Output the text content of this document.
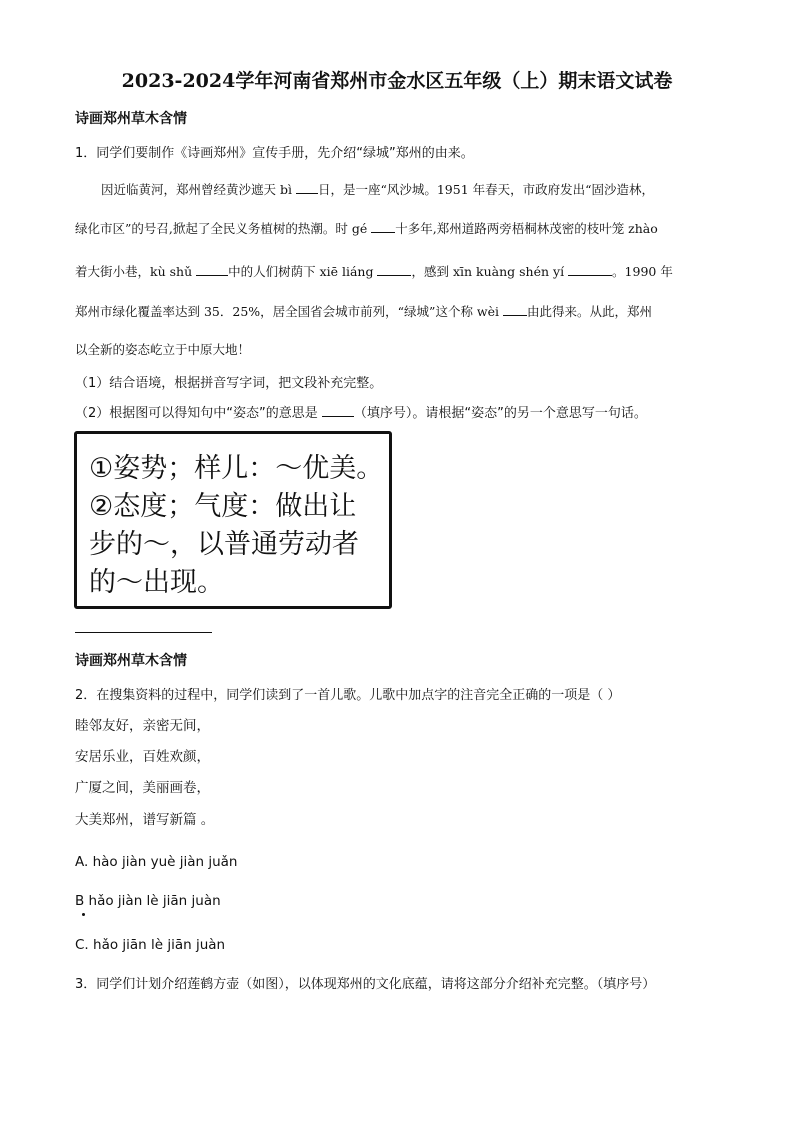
2023-2024学年河南省郑州市金水区五年级（上）期末语文试卷
诗画郑州草木含情
1．同学们要制作《诗画郑州》宣传手册，先介绍“绿城”郑州的由来。
因近临黄河，郑州曾经黄沙遮天 bì 日，是一座“风沙城。1951 年春天，市政府发出“固沙造林，
绿化市区”的号召,掀起了全民义务植树的热潮。时 gé 十多年,郑州道路两旁梧桐林茂密的枝叶笼 zhào
着大街小巷，kù shǔ	中的人们树荫下 xiē liáng	，感到 xīn kuàng shén yí	。1990 年
郑州市绿化覆盖率达到 35．25%，居全国省会城市前列，“绿城”这个称 wèi 由此得来。从此，郑州
以全新的姿态屹立于中原大地！
（1）结合语境，根据拼音写字词，把文段补充完整。
（2）根据图可以得知句中“姿态”的意思是 （填序号）。请根据“姿态”的另一个意思写一句话。
①姿势；样儿：～优美。
②态度；气度：做出让
步的～，以普通劳动者
的～出现。
诗画郑州草木含情
2．在搜集资料的过程中，同学们读到了一首儿歌。儿歌中加点字的注音完全正确的一项是（ ）
睦邻友好，亲密无间，
安居乐业，百姓欢颜，
广厦之间，美丽画卷，
大美郑州，谱写新篇 。
A. hào jiàn yuè jiàn juǎn
B hǎo jiàn lè jiān juàn
C. hǎo jiān lè jiān juàn
3．同学们计划介绍莲鹤方壶（如图），以体现郑州的文化底蕴，请将这部分介绍补充完整。（填序号）
